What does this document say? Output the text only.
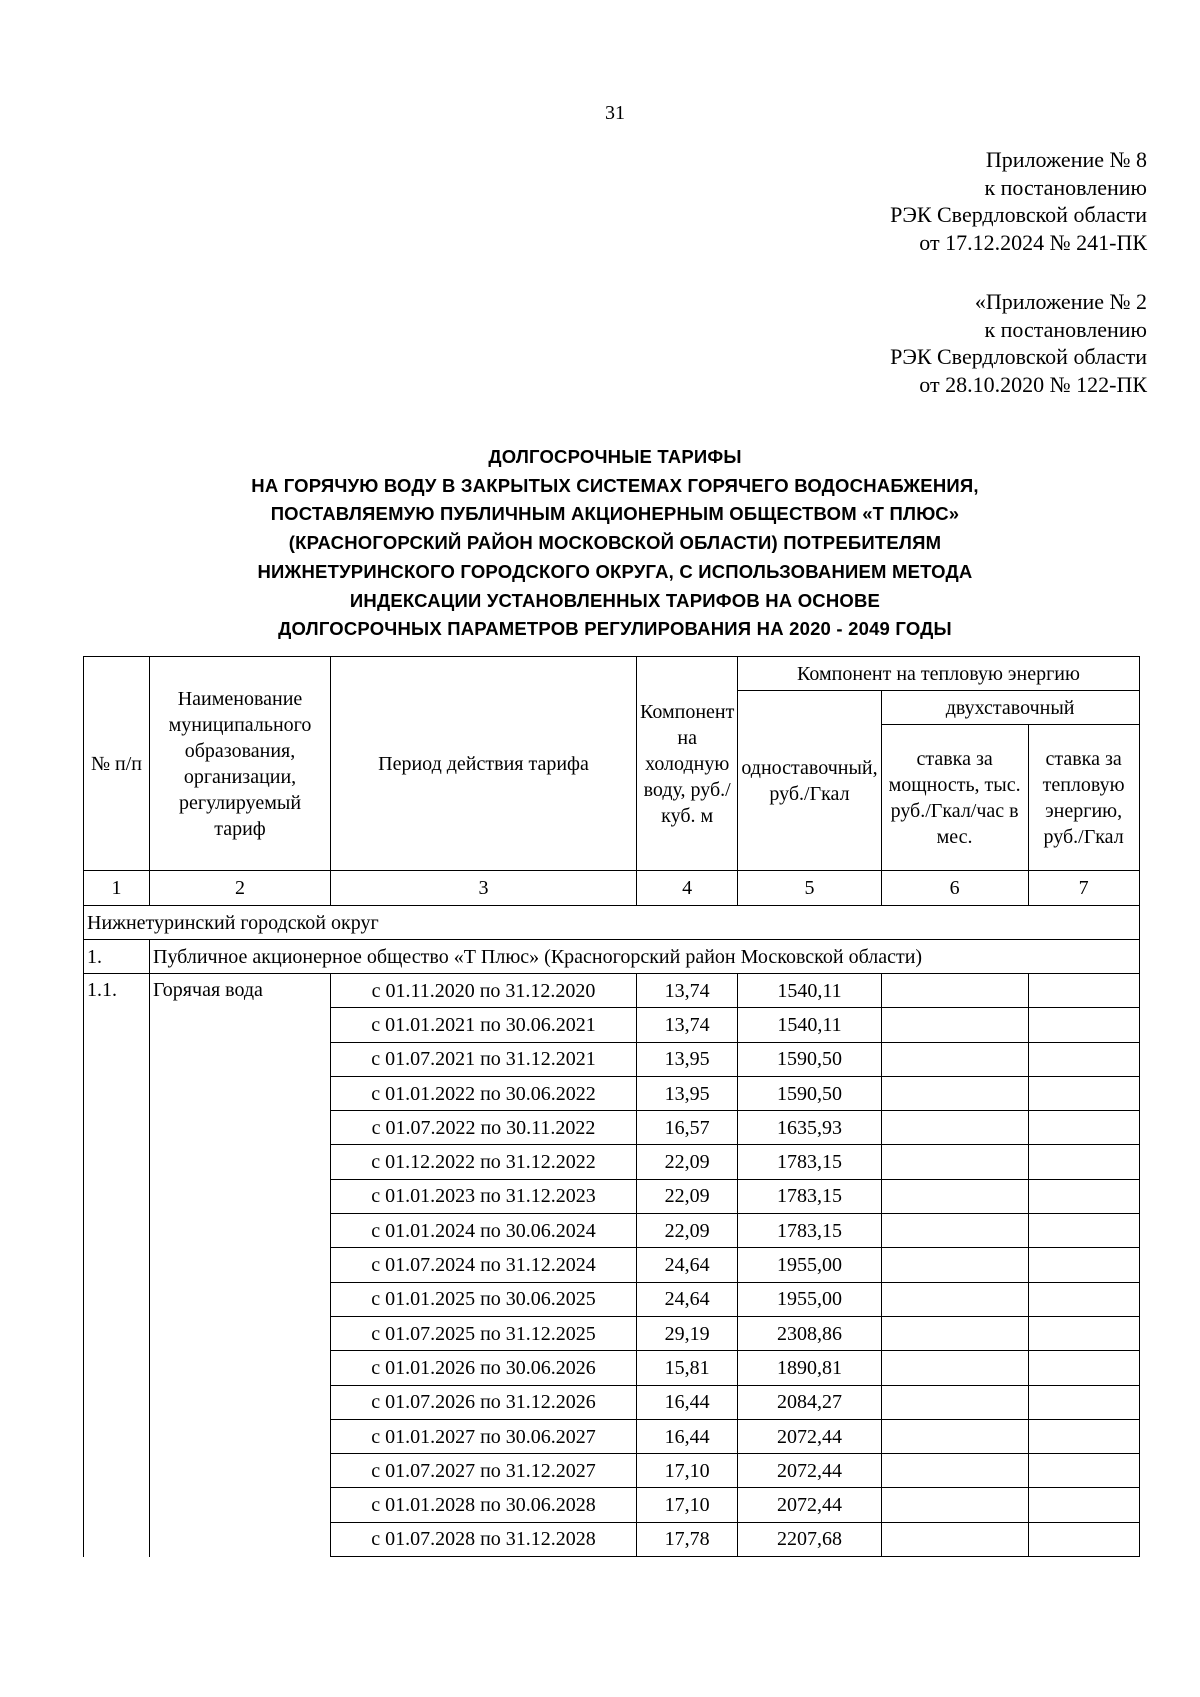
31
Приложение № 8
к постановлению
РЭК Свердловской области
от 17.12.2024 № 241-ПК
«Приложение № 2
к постановлению
РЭК Свердловской области
от 28.10.2020 № 122-ПК
ДОЛГОСРОЧНЫЕ ТАРИФЫ
НА ГОРЯЧУЮ ВОДУ В ЗАКРЫТЫХ СИСТЕМАХ ГОРЯЧЕГО ВОДОСНАБЖЕНИЯ,
ПОСТАВЛЯЕМУЮ ПУБЛИЧНЫМ АКЦИОНЕРНЫМ ОБЩЕСТВОМ «Т ПЛЮС»
(КРАСНОГОРСКИЙ РАЙОН МОСКОВСКОЙ ОБЛАСТИ) ПОТРЕБИТЕЛЯМ
НИЖНЕТУРИНСКОГО ГОРОДСКОГО ОКРУГА, С ИСПОЛЬЗОВАНИЕМ МЕТОДА
ИНДЕКСАЦИИ УСТАНОВЛЕННЫХ ТАРИФОВ НА ОСНОВЕ
ДОЛГОСРОЧНЫХ ПАРАМЕТРОВ РЕГУЛИРОВАНИЯ НА 2020 - 2049 ГОДЫ
№ п/п	Наименование муниципального образования, организации, регулируемый тариф	Период действия тарифа	Компонент на холодную воду, руб./куб. м	Компонент на тепловую энергию		
				одноставочный, руб./Гкал	двухставочный	
					ставка за мощность, тыс. руб./Гкал/час в мес.	ставка за тепловую энергию, руб./Гкал
1	2	3	4	5	6	7
Нижнетуринский городской округ						
1.	Публичное акционерное общество «Т Плюс» (Красногорский район Московской области)					
1.1.	Горячая вода	с 01.11.2020 по 31.12.2020	13,74	1540,11		
		с 01.01.2021 по 30.06.2021	13,74	1540,11		
		с 01.07.2021 по 31.12.2021	13,95	1590,50		
		с 01.01.2022 по 30.06.2022	13,95	1590,50		
		с 01.07.2022 по 30.11.2022	16,57	1635,93		
		с 01.12.2022 по 31.12.2022	22,09	1783,15		
		с 01.01.2023 по 31.12.2023	22,09	1783,15		
		с 01.01.2024 по 30.06.2024	22,09	1783,15		
		с 01.07.2024 по 31.12.2024	24,64	1955,00		
		с 01.01.2025 по 30.06.2025	24,64	1955,00		
		с 01.07.2025 по 31.12.2025	29,19	2308,86		
		с 01.01.2026 по 30.06.2026	15,81	1890,81		
		с 01.07.2026 по 31.12.2026	16,44	2084,27		
		с 01.01.2027 по 30.06.2027	16,44	2072,44		
		с 01.07.2027 по 31.12.2027	17,10	2072,44		
		с 01.01.2028 по 30.06.2028	17,10	2072,44		
		с 01.07.2028 по 31.12.2028	17,78	2207,68		
